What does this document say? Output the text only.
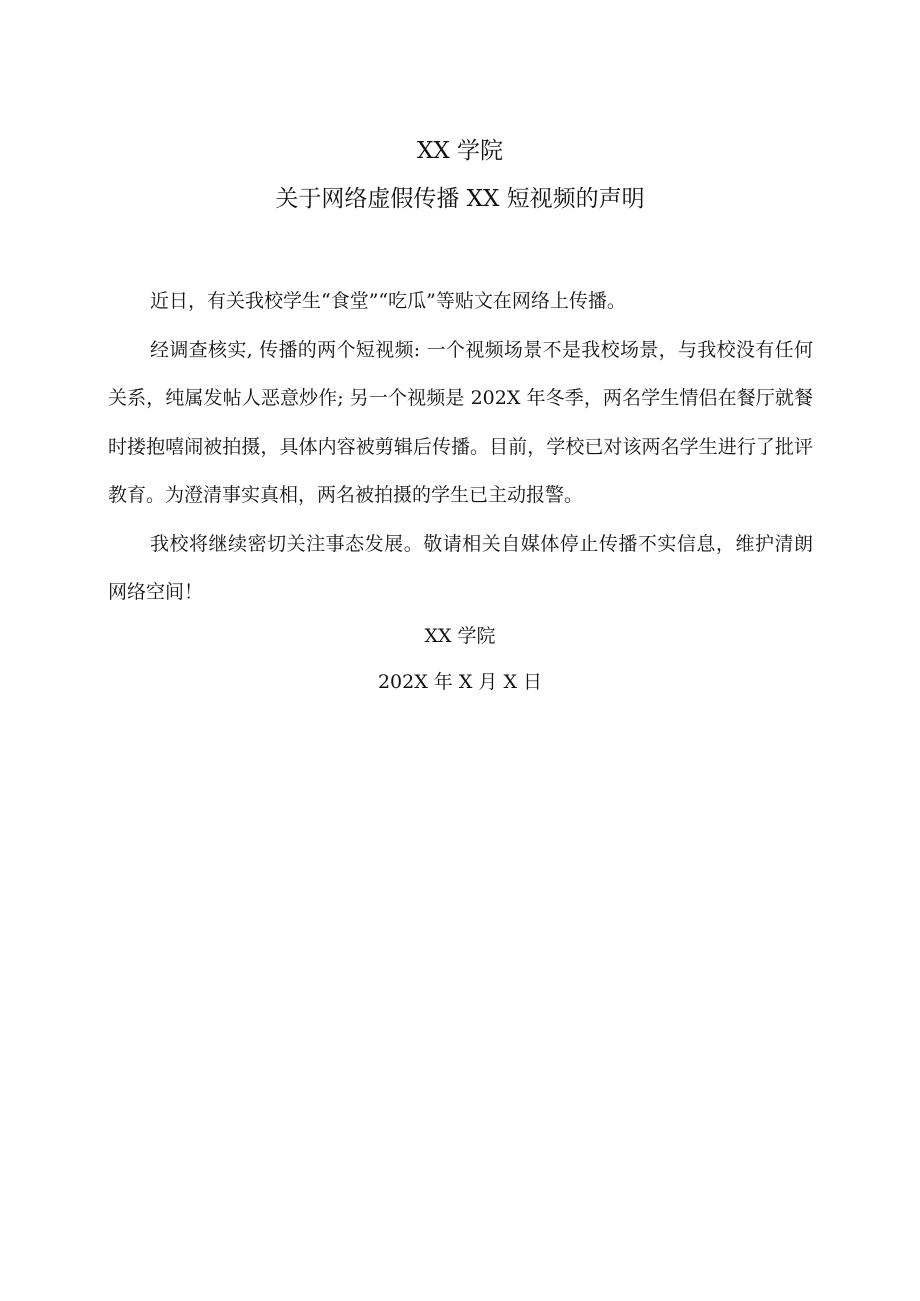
XX 学院
关于网络虚假传播 XX 短视频的声明

近日，有关我校学生“食堂”“吃瓜”等贴文在网络上传播。

经调查核实, 传播的两个短视频: 一个视频场景不是我校场景，与我校没有任何关系，纯属发帖人恶意炒作; 另一个视频是 202X 年冬季，两名学生情侣在餐厅就餐时搂抱嘻闹被拍摄，具体内容被剪辑后传播。目前，学校已对该两名学生进行了批评教育。为澄清事实真相，两名被拍摄的学生已主动报警。

我校将继续密切关注事态发展。敬请相关自媒体停止传播不实信息，维护清朗网络空间！

XX 学院
202X 年 X 月 X 日
